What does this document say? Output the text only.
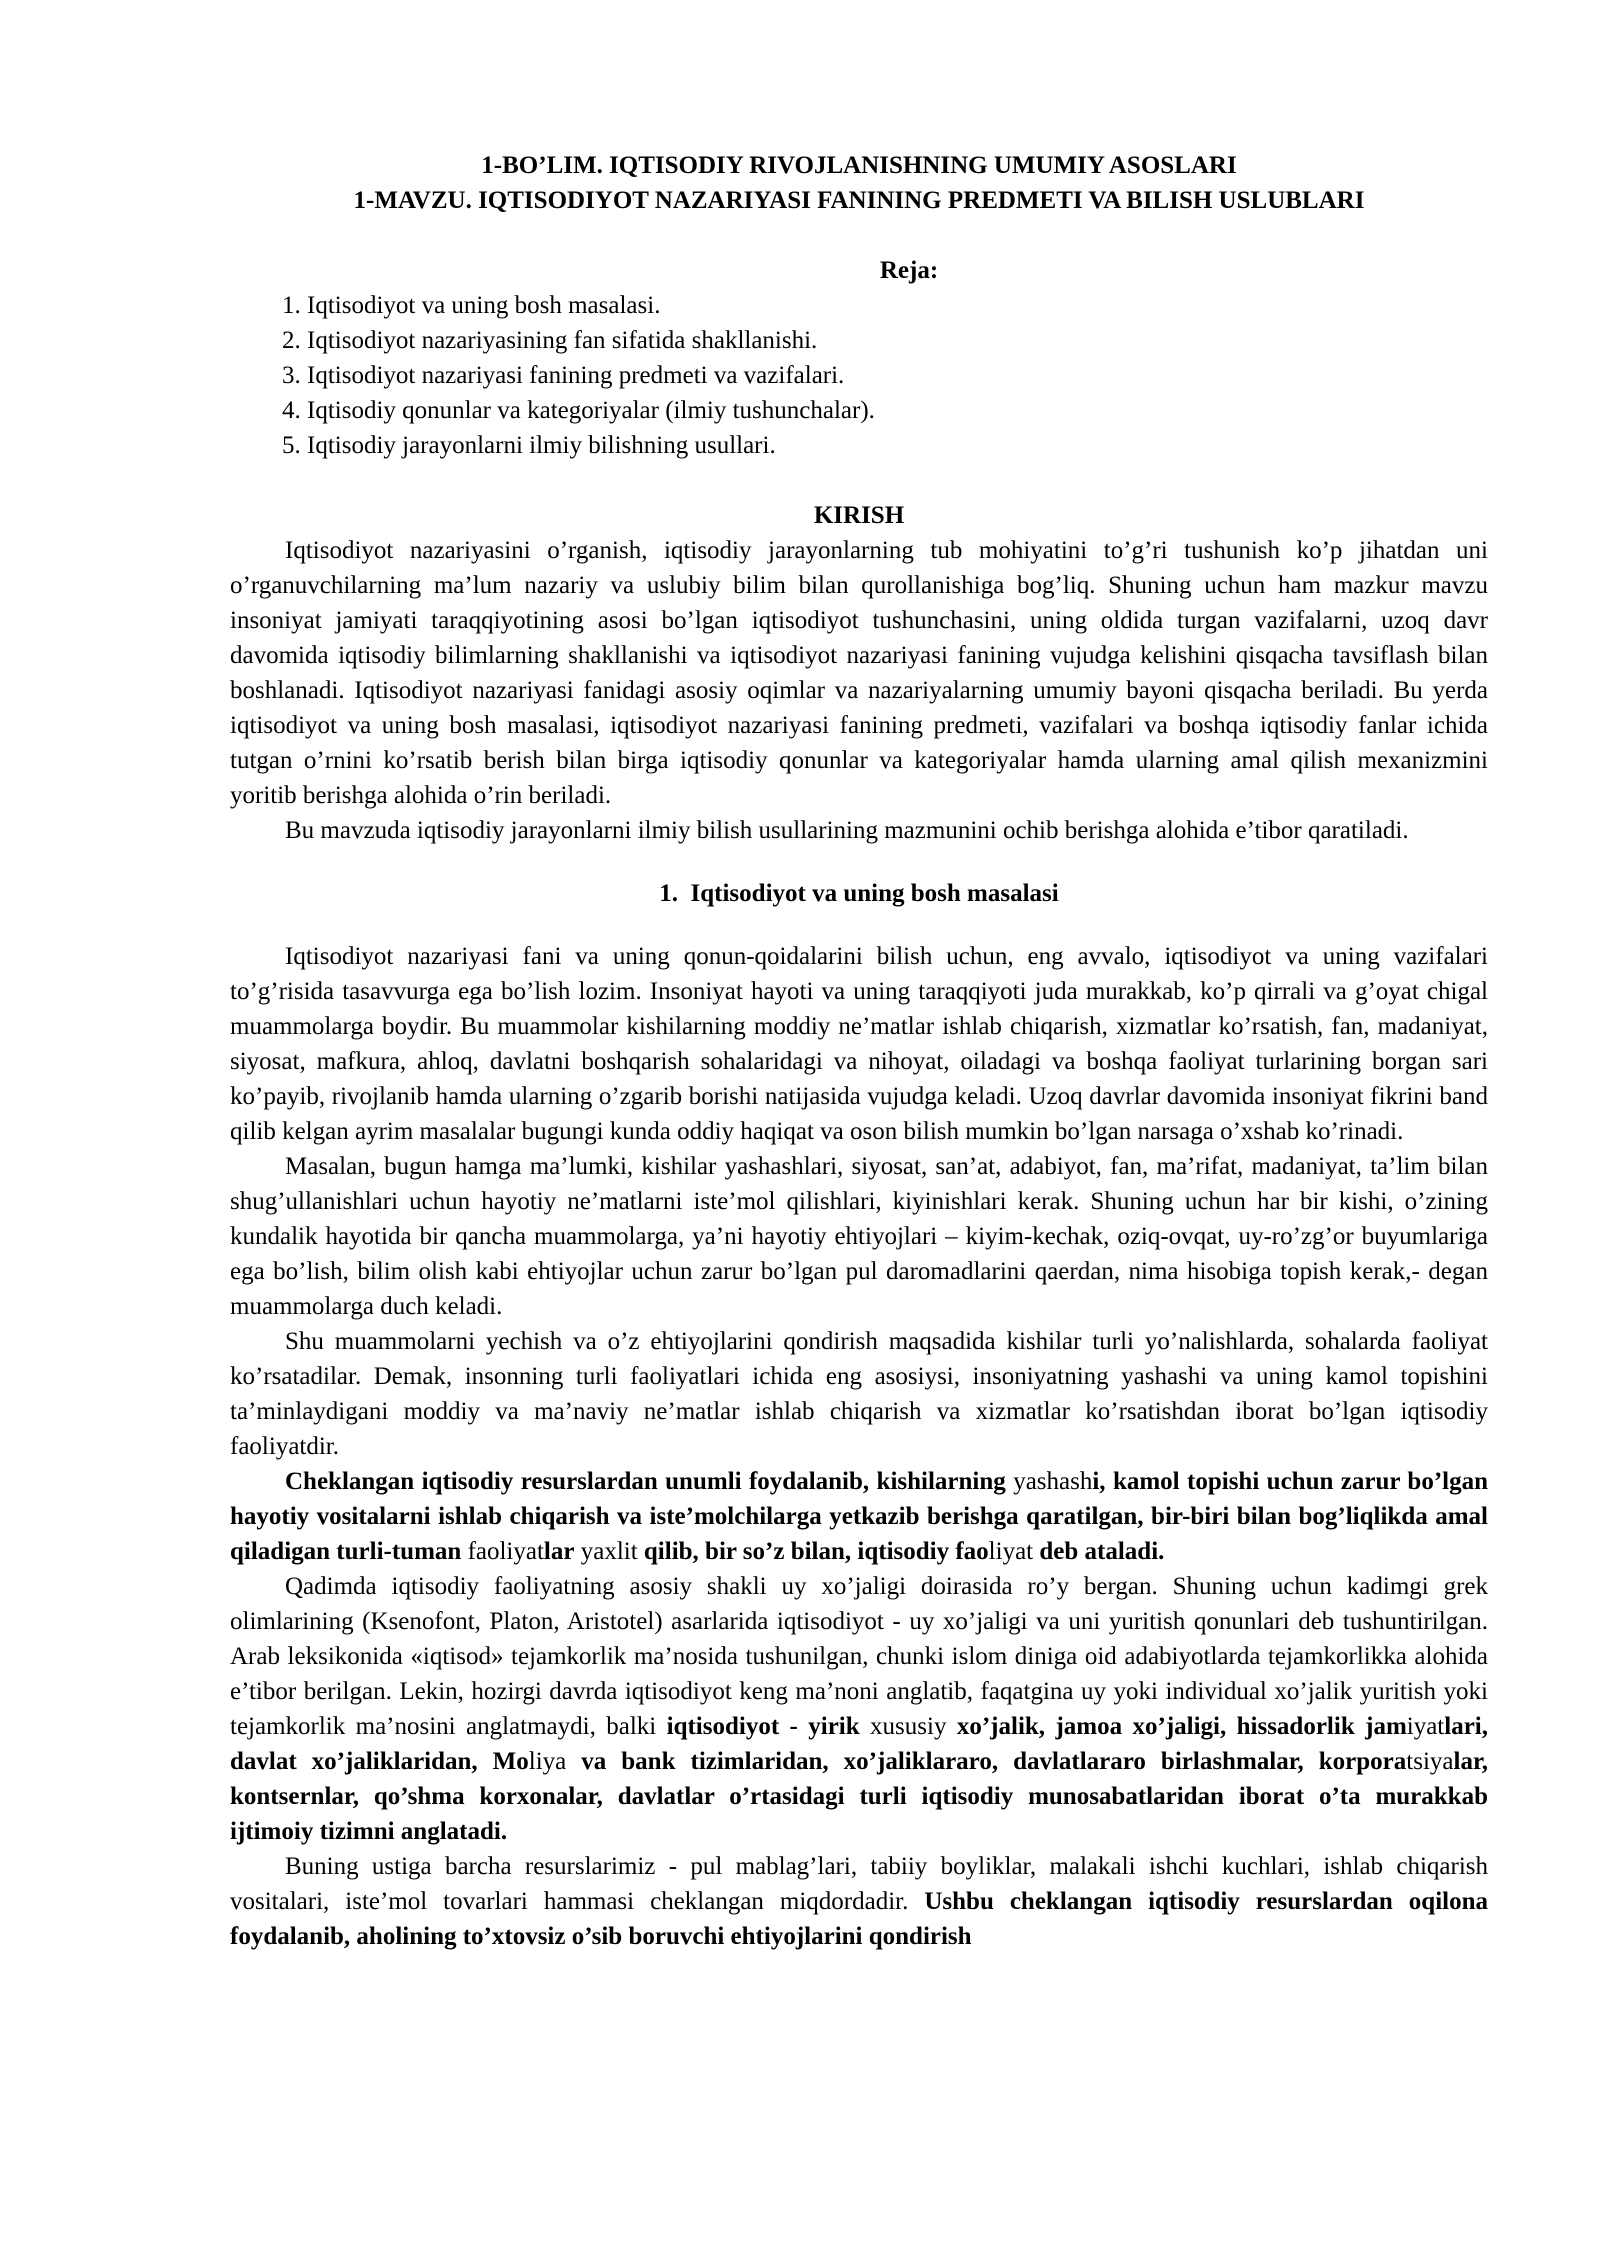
1-BO’LIM. IQTISODIY RIVOJLANISHNING UMUMIY ASOSLARI
1-MAVZU. IQTISODIYOT NAZARIYASI FANINING PREDMETI VA BILISH USLUBLARI
Reja:
1. Iqtisodiyot va uning bosh masalasi.
2. Iqtisodiyot nazariyasining fan sifatida shakllanishi.
3. Iqtisodiyot nazariyasi fanining predmeti va vazifalari.
4. Iqtisodiy qonunlar va kategoriyalar (ilmiy tushunchalar).
5. Iqtisodiy jarayonlarni ilmiy bilishning usullari.
KIRISH

Iqtisodiyot nazariyasini o’rganish, iqtisodiy jarayonlarning tub mohiyatini to’g’ri tushunish ko’p jihatdan uni o’rganuvchilarning ma’lum nazariy va uslubiy bilim bilan qurollanishiga bog’liq. Shuning uchun ham mazkur mavzu insoniyat jamiyati taraqqiyotining asosi bo’lgan iqtisodiyot tushunchasini, uning oldida turgan vazifalarni, uzoq davr davomida iqtisodiy bilimlarning shakllanishi va iqtisodiyot nazariyasi fanining vujudga kelishini qisqacha tavsiflash bilan boshlanadi. Iqtisodiyot nazariyasi fanidagi asosiy oqimlar va nazariyalarning umumiy bayoni qisqacha beriladi. Bu yerda iqtisodiyot va uning bosh masalasi, iqtisodiyot nazariyasi fanining predmeti, vazifalari va boshqa iqtisodiy fanlar ichida tutgan o’rnini ko’rsatib berish bilan birga iqtisodiy qonunlar va kategoriyalar hamda ularning amal qilish mexanizmini yoritib berishga alohida o’rin beriladi.

Bu mavzuda iqtisodiy jarayonlarni ilmiy bilish usullarining mazmunini ochib berishga alohida e’tibor qaratiladi.

1.  Iqtisodiyot va uning bosh masalasi

Iqtisodiyot nazariyasi fani va uning qonun-qoidalarini bilish uchun, eng avvalo, iqtisodiyot va uning vazifalari to’g’risida tasavvurga ega bo’lish lozim. Insoniyat hayoti va uning taraqqiyoti juda murakkab, ko’p qirrali va g’oyat chigal muammolarga boydir. Bu muammolar kishilarning moddiy ne’matlar ishlab chiqarish, xizmatlar ko’rsatish, fan, madaniyat, siyosat, mafkura, ahloq, davlatni boshqarish sohalaridagi va nihoyat, oiladagi va boshqa faoliyat turlarining borgan sari ko’payib, rivojlanib hamda ularning o’zgarib borishi natijasida vujudga keladi. Uzoq davrlar davomida insoniyat fikrini band qilib kelgan ayrim masalalar bugungi kunda oddiy haqiqat va oson bilish mumkin bo’lgan narsaga o’xshab ko’rinadi.

Masalan, bugun hamga ma’lumki, kishilar yashashlari, siyosat, san’at, adabiyot, fan, ma’rifat, madaniyat, ta’lim bilan shug’ullanishlari uchun hayotiy ne’matlarni iste’mol qilishlari, kiyinishlari kerak. Shuning uchun har bir kishi, o’zining kundalik hayotida bir qancha muammolarga, ya’ni hayotiy ehtiyojlari – kiyim-kechak, oziq-ovqat, uy-ro’zg’or buyumlariga ega bo’lish, bilim olish kabi ehtiyojlar uchun zarur bo’lgan pul daromadlarini qaerdan, nima hisobiga topish kerak,- degan muammolarga duch keladi.

Shu muammolarni yechish va o’z ehtiyojlarini qondirish maqsadida kishilar turli yo’nalishlarda, sohalarda faoliyat ko’rsatadilar. Demak, insonning turli faoliyatlari ichida eng asosiysi, insoniyatning yashashi va uning kamol topishini ta’minlaydigani moddiy va ma’naviy ne’matlar ishlab chiqarish va xizmatlar ko’rsatishdan iborat bo’lgan iqtisodiy faoliyatdir.

Cheklangan iqtisodiy resurslardan unumli foydalanib, kishilarning yashashi, kamol topishi uchun zarur bo’lgan hayotiy vositalarni ishlab chiqarish va iste’molchilarga yetkazib berishga qaratilgan, bir-biri bilan bog’liqlikda amal qiladigan turli-tuman faoliyatlar yaxlit qilib, bir so’z bilan, iqtisodiy faoliyat deb ataladi.

Qadimda iqtisodiy faoliyatning asosiy shakli uy xo’jaligi doirasida ro’y bergan. Shuning uchun kadimgi grek olimlarining (Ksenofont, Platon, Aristotel) asarlarida iqtisodiyot - uy xo’jaligi va uni yuritish qonunlari deb tushuntirilgan. Arab leksikonida «iqtisod» tejamkorlik ma’nosida tushunilgan, chunki islom diniga oid adabiyotlarda tejamkorlikka alohida e’tibor berilgan. Lekin, hozirgi davrda iqtisodiyot keng ma’noni anglatib, faqatgina uy yoki individual xo’jalik yuritish yoki tejamkorlik ma’nosini anglatmaydi, balki iqtisodiyot - yirik xususiy xo’jalik, jamoa xo’jaligi, hissadorlik jamiyatlari, davlat xo’jaliklaridan, Moliya va bank tizimlaridan, xo’jaliklararo, davlatlararo birlashmalar, korporatsiyalar, kontsernlar, qo’shma korxonalar, davlatlar o’rtasidagi turli iqtisodiy munosabatlaridan iborat o’ta murakkab ijtimoiy tizimni anglatadi.

Buning ustiga barcha resurslarimiz - pul mablag’lari, tabiiy boyliklar, malakali ishchi kuchlari, ishlab chiqarish vositalari, iste’mol tovarlari hammasi cheklangan miqdordadir. Ushbu cheklangan iqtisodiy resurslardan oqilona foydalanib, aholining to’xtovsiz o’sib boruvchi ehtiyojlarini qondirish
